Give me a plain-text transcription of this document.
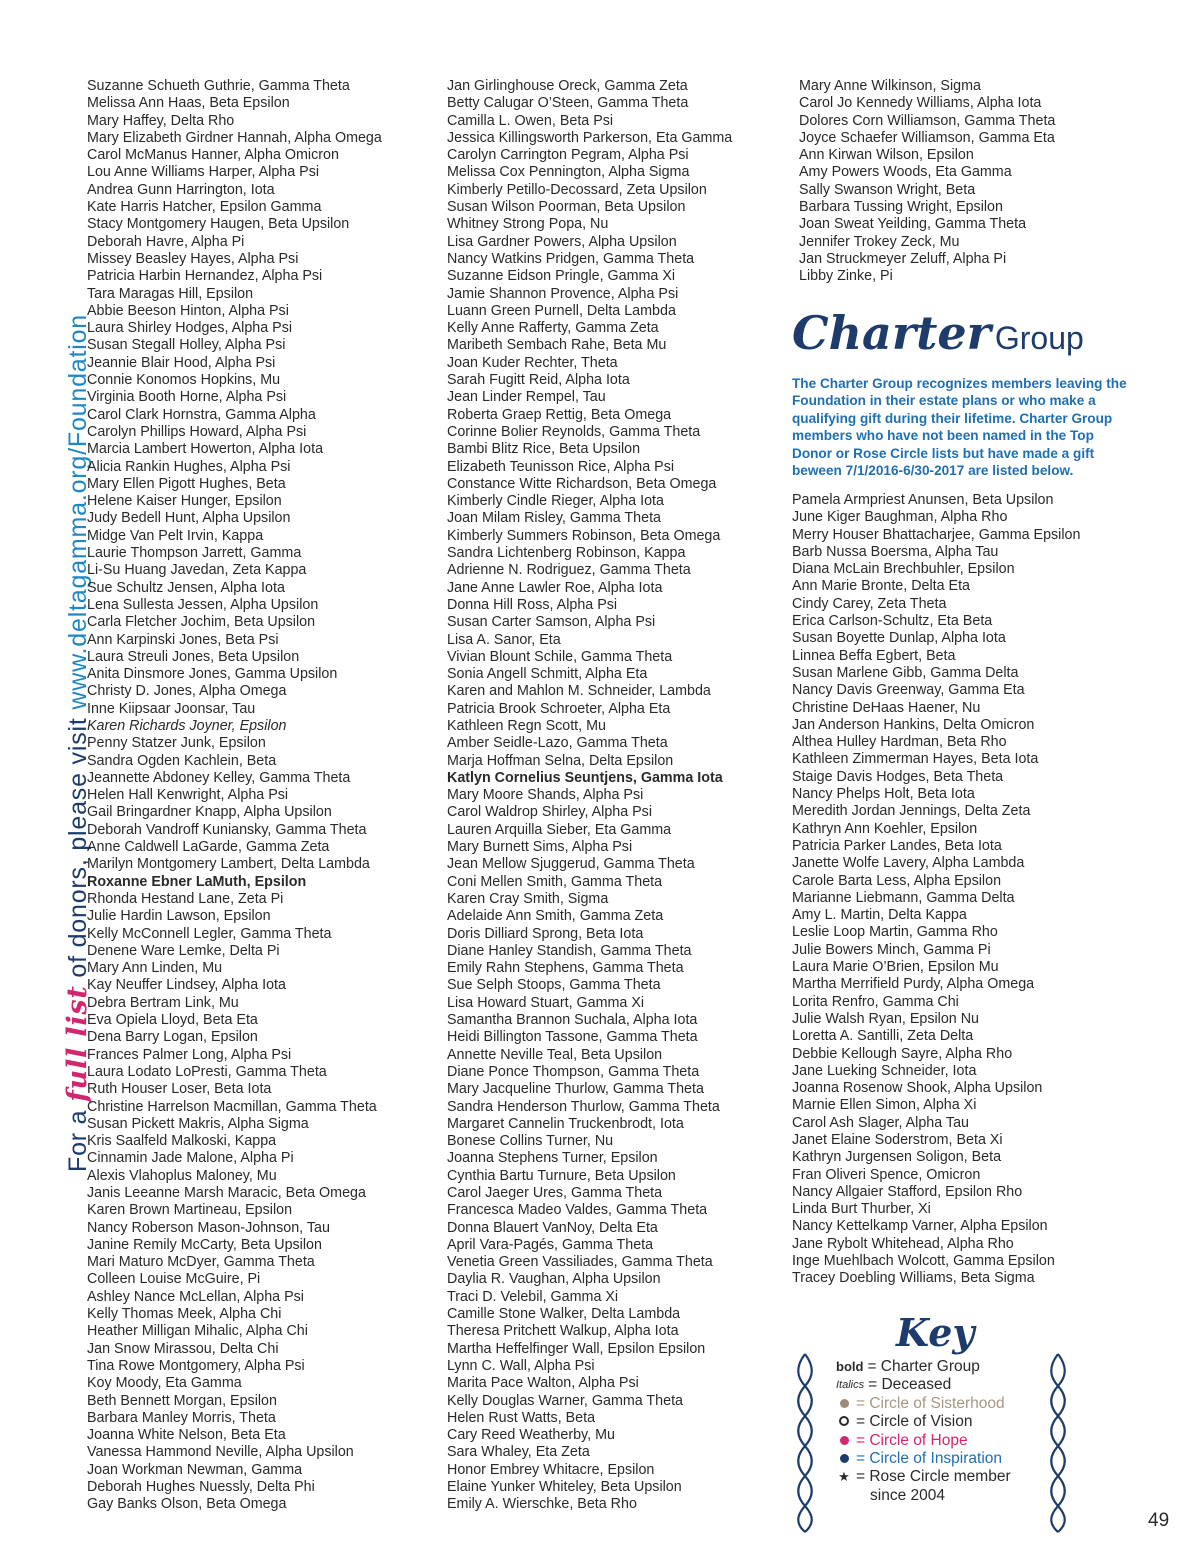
For a full list of donors, please visit www.deltagamma.org/Foundation
Suzanne Schueth Guthrie, Gamma Theta
Melissa Ann Haas, Beta Epsilon
Mary Haffey, Delta Rho
Mary Elizabeth Girdner Hannah, Alpha Omega
Carol McManus Hanner, Alpha Omicron
Lou Anne Williams Harper, Alpha Psi
Andrea Gunn Harrington, Iota
Kate Harris Hatcher, Epsilon Gamma
Stacy Montgomery Haugen, Beta Upsilon
Deborah Havre, Alpha Pi
Missey Beasley Hayes, Alpha Psi
Patricia Harbin Hernandez, Alpha Psi
Tara Maragas Hill, Epsilon
Abbie Beeson Hinton, Alpha Psi
Laura Shirley Hodges, Alpha Psi
Susan Stegall Holley, Alpha Psi
Jeannie Blair Hood, Alpha Psi
Connie Konomos Hopkins, Mu
Virginia Booth Horne, Alpha Psi
Carol Clark Hornstra, Gamma Alpha
Carolyn Phillips Howard, Alpha Psi
Marcia Lambert Howerton, Alpha Iota
Alicia Rankin Hughes, Alpha Psi
Mary Ellen Pigott Hughes, Beta
Helene Kaiser Hunger, Epsilon
Judy Bedell Hunt, Alpha Upsilon
Midge Van Pelt Irvin, Kappa
Laurie Thompson Jarrett, Gamma
Li-Su Huang Javedan, Zeta Kappa
Sue Schultz Jensen, Alpha Iota
Lena Sullesta Jessen, Alpha Upsilon
Carla Fletcher Jochim, Beta Upsilon
Ann Karpinski Jones, Beta Psi
Laura Streuli Jones, Beta Upsilon
Anita Dinsmore Jones, Gamma Upsilon
Christy D. Jones, Alpha Omega
Inne Kiipsaar Joonsar, Tau
Karen Richards Joyner, Epsilon
Penny Statzer Junk, Epsilon
Sandra Ogden Kachlein, Beta
Jeannette Abdoney Kelley, Gamma Theta
Helen Hall Kenwright, Alpha Psi
Gail Bringardner Knapp, Alpha Upsilon
Deborah Vandroff Kuniansky, Gamma Theta
Anne Caldwell LaGarde, Gamma Zeta
Marilyn Montgomery Lambert, Delta Lambda
Roxanne Ebner LaMuth, Epsilon
Rhonda Hestand Lane, Zeta Pi
Julie Hardin Lawson, Epsilon
Kelly McConnell Legler, Gamma Theta
Denene Ware Lemke, Delta Pi
Mary Ann Linden, Mu
Kay Neuffer Lindsey, Alpha Iota
Debra Bertram Link, Mu
Eva Opiela Lloyd, Beta Eta
Dena Barry Logan, Epsilon
Frances Palmer Long, Alpha Psi
Laura Lodato LoPresti, Gamma Theta
Ruth Houser Loser, Beta Iota
Christine Harrelson Macmillan, Gamma Theta
Susan Pickett Makris, Alpha Sigma
Kris Saalfeld Malkoski, Kappa
Cinnamin Jade Malone, Alpha Pi
Alexis Vlahoplus Maloney, Mu
Janis Leeanne Marsh Maracic, Beta Omega
Karen Brown Martineau, Epsilon
Nancy Roberson Mason-Johnson, Tau
Janine Remily McCarty, Beta Upsilon
Mari Maturo McDyer, Gamma Theta
Colleen Louise McGuire, Pi
Ashley Nance McLellan, Alpha Psi
Kelly Thomas Meek, Alpha Chi
Heather Milligan Mihalic, Alpha Chi
Jan Snow Mirassou, Delta Chi
Tina Rowe Montgomery, Alpha Psi
Koy Moody, Eta Gamma
Beth Bennett Morgan, Epsilon
Barbara Manley Morris, Theta
Joanna White Nelson, Beta Eta
Vanessa Hammond Neville, Alpha Upsilon
Joan Workman Newman, Gamma
Deborah Hughes Nuessly, Delta Phi
Gay Banks Olson, Beta Omega
Jan Girlinghouse Oreck, Gamma Zeta
Betty Calugar O’Steen, Gamma Theta
Camilla L. Owen, Beta Psi
Jessica Killingsworth Parkerson, Eta Gamma
Carolyn Carrington Pegram, Alpha Psi
Melissa Cox Pennington, Alpha Sigma
Kimberly Petillo-Decossard, Zeta Upsilon
Susan Wilson Poorman, Beta Upsilon
Whitney Strong Popa, Nu
Lisa Gardner Powers, Alpha Upsilon
Nancy Watkins Pridgen, Gamma Theta
Suzanne Eidson Pringle, Gamma Xi
Jamie Shannon Provence, Alpha Psi
Luann Green Purnell, Delta Lambda
Kelly Anne Rafferty, Gamma Zeta
Maribeth Sembach Rahe, Beta Mu
Joan Kuder Rechter, Theta
Sarah Fugitt Reid, Alpha Iota
Jean Linder Rempel, Tau
Roberta Graep Rettig, Beta Omega
Corinne Bolier Reynolds, Gamma Theta
Bambi Blitz Rice, Beta Upsilon
Elizabeth Teunisson Rice, Alpha Psi
Constance Witte Richardson, Beta Omega
Kimberly Cindle Rieger, Alpha Iota
Joan Milam Risley, Gamma Theta
Kimberly Summers Robinson, Beta Omega
Sandra Lichtenberg Robinson, Kappa
Adrienne N. Rodriguez, Gamma Theta
Jane Anne Lawler Roe, Alpha Iota
Donna Hill Ross, Alpha Psi
Susan Carter Samson, Alpha Psi
Lisa A. Sanor, Eta
Vivian Blount Schile, Gamma Theta
Sonia Angell Schmitt, Alpha Eta
Karen and Mahlon M. Schneider, Lambda
Patricia Brook Schroeter, Alpha Eta
Kathleen Regn Scott, Mu
Amber Seidle-Lazo, Gamma Theta
Marja Hoffman Selna, Delta Epsilon
Katlyn Cornelius Seuntjens, Gamma Iota
Mary Moore Shands, Alpha Psi
Carol Waldrop Shirley, Alpha Psi
Lauren Arquilla Sieber, Eta Gamma
Mary Burnett Sims, Alpha Psi
Jean Mellow Sjuggerud, Gamma Theta
Coni Mellen Smith, Gamma Theta
Karen Cray Smith, Sigma
Adelaide Ann Smith, Gamma Zeta
Doris Dilliard Sprong, Beta Iota
Diane Hanley Standish, Gamma Theta
Emily Rahn Stephens, Gamma Theta
Sue Selph Stoops, Gamma Theta
Lisa Howard Stuart, Gamma Xi
Samantha Brannon Suchala, Alpha Iota
Heidi Billington Tassone, Gamma Theta
Annette Neville Teal, Beta Upsilon
Diane Ponce Thompson, Gamma Theta
Mary Jacqueline Thurlow, Gamma Theta
Sandra Henderson Thurlow, Gamma Theta
Margaret Cannelin Truckenbrodt, Iota
Bonese Collins Turner, Nu
Joanna Stephens Turner, Epsilon
Cynthia Bartu Turnure, Beta Upsilon
Carol Jaeger Ures, Gamma Theta
Francesca Madeo Valdes, Gamma Theta
Donna Blauert VanNoy, Delta Eta
April Vara-Pagés, Gamma Theta
Venetia Green Vassiliades, Gamma Theta
Daylia R. Vaughan, Alpha Upsilon
Traci D. Velebil, Gamma Xi
Camille Stone Walker, Delta Lambda
Theresa Pritchett Walkup, Alpha Iota
Martha Heffelfinger Wall, Epsilon Epsilon
Lynn C. Wall, Alpha Psi
Marita Pace Walton, Alpha Psi
Kelly Douglas Warner, Gamma Theta
Helen Rust Watts, Beta
Cary Reed Weatherby, Mu
Sara Whaley, Eta Zeta
Honor Embrey Whitacre, Epsilon
Elaine Yunker Whiteley, Beta Upsilon
Emily A. Wierschke, Beta Rho
Mary Anne Wilkinson, Sigma
Carol Jo Kennedy Williams, Alpha Iota
Dolores Corn Williamson, Gamma Theta
Joyce Schaefer Williamson, Gamma Eta
Ann Kirwan Wilson, Epsilon
Amy Powers Woods, Eta Gamma
Sally Swanson Wright, Beta
Barbara Tussing Wright, Epsilon
Joan Sweat Yeilding, Gamma Theta
Jennifer Trokey Zeck, Mu
Jan Struckmeyer Zeluff, Alpha Pi
Libby Zinke, Pi
Charter Group

The Charter Group recognizes members leaving the Foundation in their estate plans or who make a qualifying gift during their lifetime. Charter Group members who have not been named in the Top Donor or Rose Circle lists but have made a gift beween 7/1/2016-6/30-2017 are listed below.

Pamela Armpriest Anunsen, Beta Upsilon
June Kiger Baughman, Alpha Rho
Merry Houser Bhattacharjee, Gamma Epsilon
Barb Nussa Boersma, Alpha Tau
Diana McLain Brechbuhler, Epsilon
Ann Marie Bronte, Delta Eta
Cindy Carey, Zeta Theta
Erica Carlson-Schultz, Eta Beta
Susan Boyette Dunlap, Alpha Iota
Linnea Beffa Egbert, Beta
Susan Marlene Gibb, Gamma Delta
Nancy Davis Greenway, Gamma Eta
Christine DeHaas Haener, Nu
Jan Anderson Hankins, Delta Omicron
Althea Hulley Hardman, Beta Rho
Kathleen Zimmerman Hayes, Beta Iota
Staige Davis Hodges, Beta Theta
Nancy Phelps Holt, Beta Iota
Meredith Jordan Jennings, Delta Zeta
Kathryn Ann Koehler, Epsilon
Patricia Parker Landes, Beta Iota
Janette Wolfe Lavery, Alpha Lambda
Carole Barta Less, Alpha Epsilon
Marianne Liebmann, Gamma Delta
Amy L. Martin, Delta Kappa
Leslie Loop Martin, Gamma Rho
Julie Bowers Minch, Gamma Pi
Laura Marie O’Brien, Epsilon Mu
Martha Merrifield Purdy, Alpha Omega
Lorita Renfro, Gamma Chi
Julie Walsh Ryan, Epsilon Nu
Loretta A. Santilli, Zeta Delta
Debbie Kellough Sayre, Alpha Rho
Jane Lueking Schneider, Iota
Joanna Rosenow Shook, Alpha Upsilon
Marnie Ellen Simon, Alpha Xi
Carol Ash Slager, Alpha Tau
Janet Elaine Soderstrom, Beta Xi
Kathryn Jurgensen Soligon, Beta
Fran Oliveri Spence, Omicron
Nancy Allgaier Stafford, Epsilon Rho
Linda Burt Thurber, Xi
Nancy Kettelkamp Varner, Alpha Epsilon
Jane Rybolt Whitehead, Alpha Rho
Inge Muehlbach Wolcott, Gamma Epsilon
Tracey Doebling Williams, Beta Sigma
Key
bold = Charter Group
Italics = Deceased
= Circle of Sisterhood
= Circle of Vision
= Circle of Hope
= Circle of Inspiration
★ = Rose Circle member
since 2004
49
